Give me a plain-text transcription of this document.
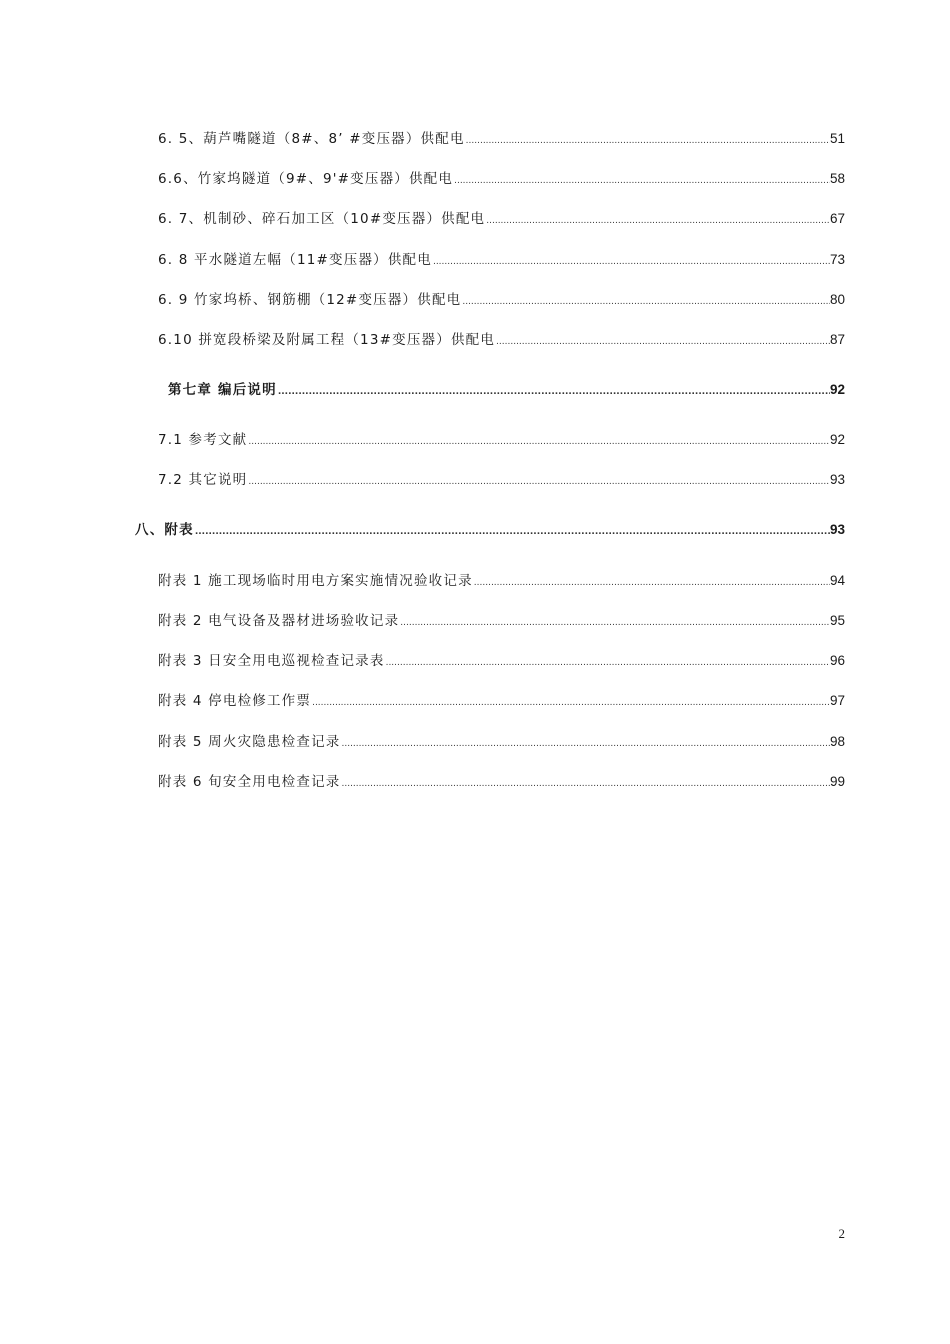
6. 5、葫芦嘴隧道（8#、8’ #变压器）供配电 .....	51
6.6、竹家坞隧道（9#、9'#变压器）供配电 .....	58
6. 7、机制砂、碎石加工区（10#变压器）供配电 .....	67
6. 8 平水隧道左幅（11#变压器）供配电 .....	73
6. 9 竹家坞桥、钢筋棚（12#变压器）供配电 .....	80
6.10 拼宽段桥梁及附属工程（13#变压器）供配电 .....	87
第七章 编后说明 .....	92
7.1 参考文献 .....	92
7.2 其它说明 .....	93
八、附表 .....	93
附表 1 施工现场临时用电方案实施情况验收记录 .....	94
附表 2 电气设备及器材进场验收记录 .....	95
附表 3 日安全用电巡视检查记录表 .....	96
附表 4 停电检修工作票 .....	97
附表 5 周火灾隐患检查记录 .....	98
附表 6 旬安全用电检查记录 .....	99
2
